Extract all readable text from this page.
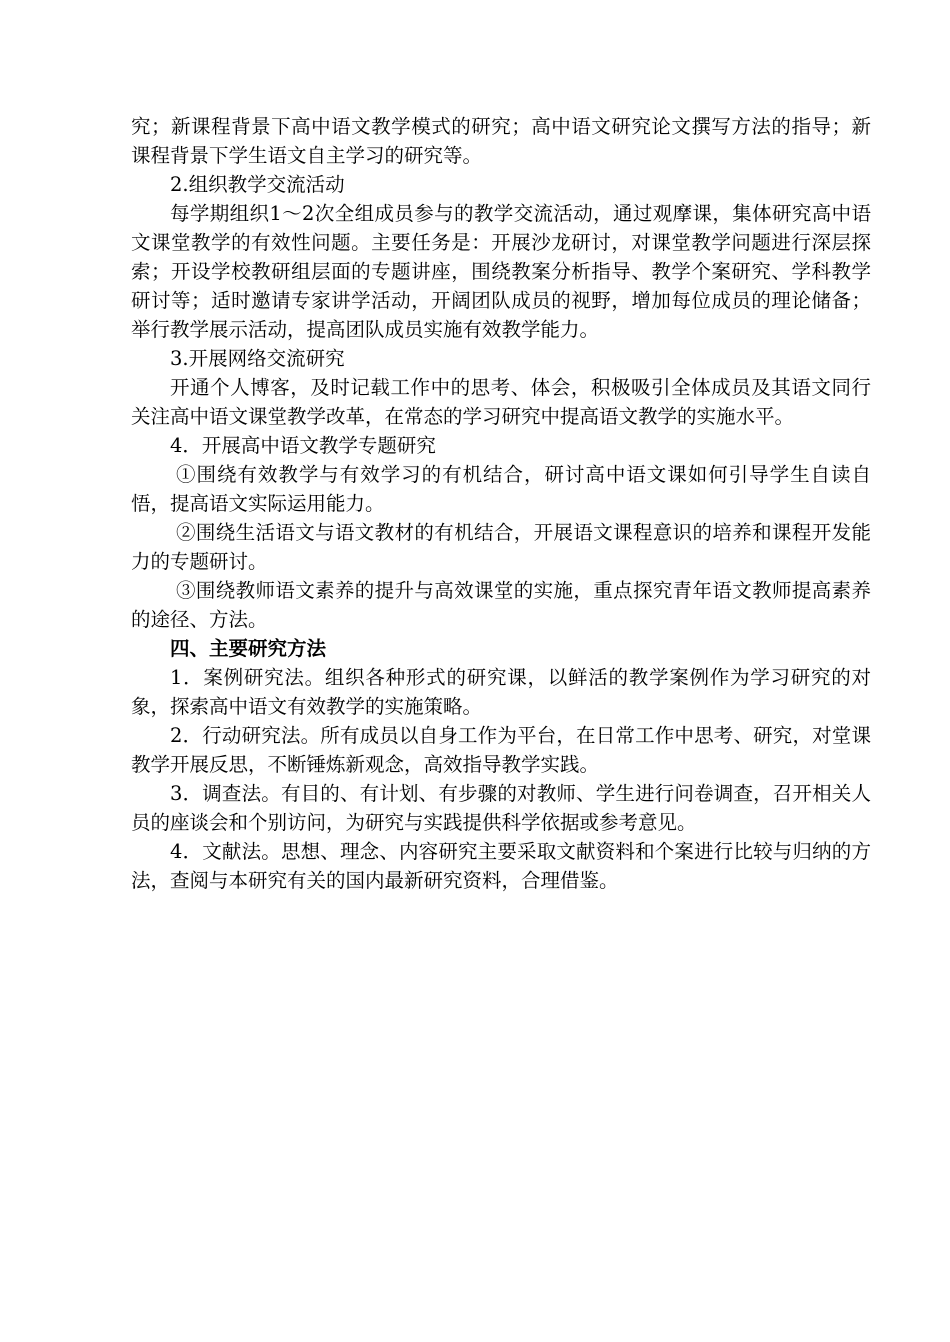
究；新课程背景下高中语文教学模式的研究；高中语文研究论文撰写方法的指导；新课程背景下学生语文自主学习的研究等。

2.组织教学交流活动

每学期组织1～2次全组成员参与的教学交流活动，通过观摩课，集体研究高中语文课堂教学的有效性问题。主要任务是：开展沙龙研讨，对课堂教学问题进行深层探索；开设学校教研组层面的专题讲座，围绕教案分析指导、教学个案研究、学科教学研讨等；适时邀请专家讲学活动，开阔团队成员的视野，增加每位成员的理论储备；举行教学展示活动，提高团队成员实施有效教学能力。

3.开展网络交流研究

开通个人博客，及时记载工作中的思考、体会，积极吸引全体成员及其语文同行关注高中语文课堂教学改革，在常态的学习研究中提高语文教学的实施水平。

4．开展高中语文教学专题研究

①围绕有效教学与有效学习的有机结合，研讨高中语文课如何引导学生自读自悟，提高语文实际运用能力。

②围绕生活语文与语文教材的有机结合，开展语文课程意识的培养和课程开发能力的专题研讨。

③围绕教师语文素养的提升与高效课堂的实施，重点探究青年语文教师提高素养的途径、方法。

四、主要研究方法

1．案例研究法。组织各种形式的研究课，以鲜活的教学案例作为学习研究的对象，探索高中语文有效教学的实施策略。

2．行动研究法。所有成员以自身工作为平台，在日常工作中思考、研究，对堂课教学开展反思，不断锤炼新观念，高效指导教学实践。

3．调查法。有目的、有计划、有步骤的对教师、学生进行问卷调查，召开相关人员的座谈会和个别访问，为研究与实践提供科学依据或参考意见。

4．文献法。思想、理念、内容研究主要采取文献资料和个案进行比较与归纳的方法，查阅与本研究有关的国内最新研究资料，合理借鉴。
